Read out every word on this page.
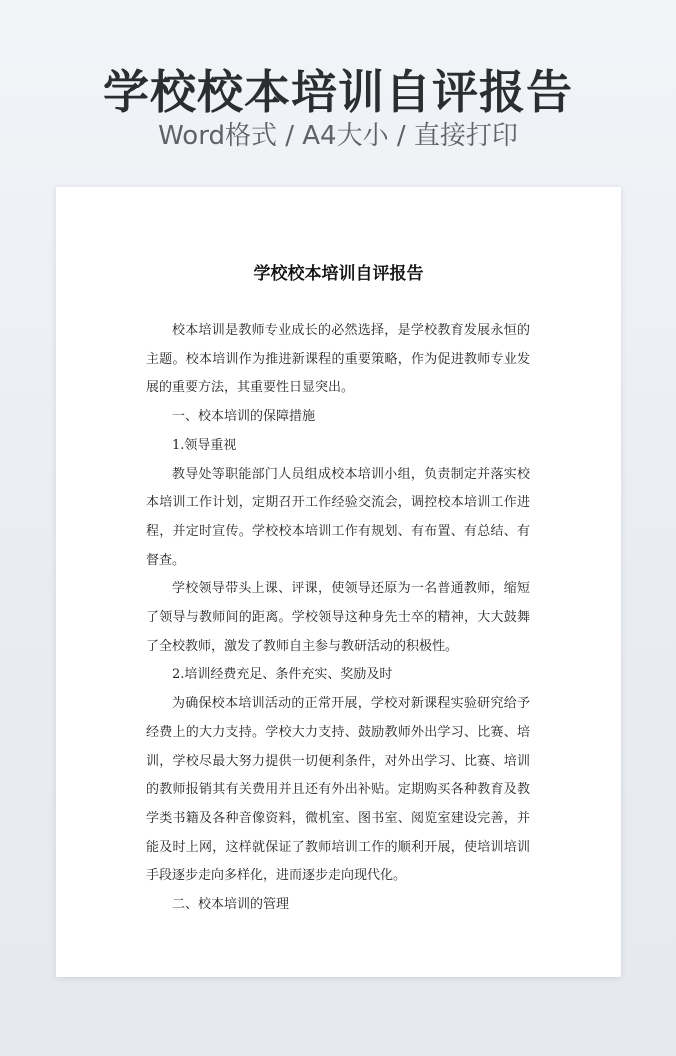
学校校本培训自评报告
Word格式 / A4大小 / 直接打印
学校校本培训自评报告

校本培训是教师专业成长的必然选择，是学校教育发展永恒的主题。校本培训作为推进新课程的重要策略，作为促进教师专业发展的重要方法，其重要性日显突出。

一、校本培训的保障措施

1.领导重视

教导处等职能部门人员组成校本培训小组，负责制定并落实校本培训工作计划，定期召开工作经验交流会，调控校本培训工作进程，并定时宣传。学校校本培训工作有规划、有布置、有总结、有督查。

学校领导带头上课、评课，使领导还原为一名普通教师，缩短了领导与教师间的距离。学校领导这种身先士卒的精神，大大鼓舞了全校教师，激发了教师自主参与教研活动的积极性。

2.培训经费充足、条件充实、奖励及时

为确保校本培训活动的正常开展，学校对新课程实验研究给予经费上的大力支持。学校大力支持、鼓励教师外出学习、比赛、培训，学校尽最大努力提供一切便利条件，对外出学习、比赛、培训的教师报销其有关费用并且还有外出补贴。定期购买各种教育及教学类书籍及各种音像资料，微机室、图书室、阅览室建设完善，并能及时上网，这样就保证了教师培训工作的顺利开展，使培训培训手段逐步走向多样化，进而逐步走向现代化。

二、校本培训的管理
